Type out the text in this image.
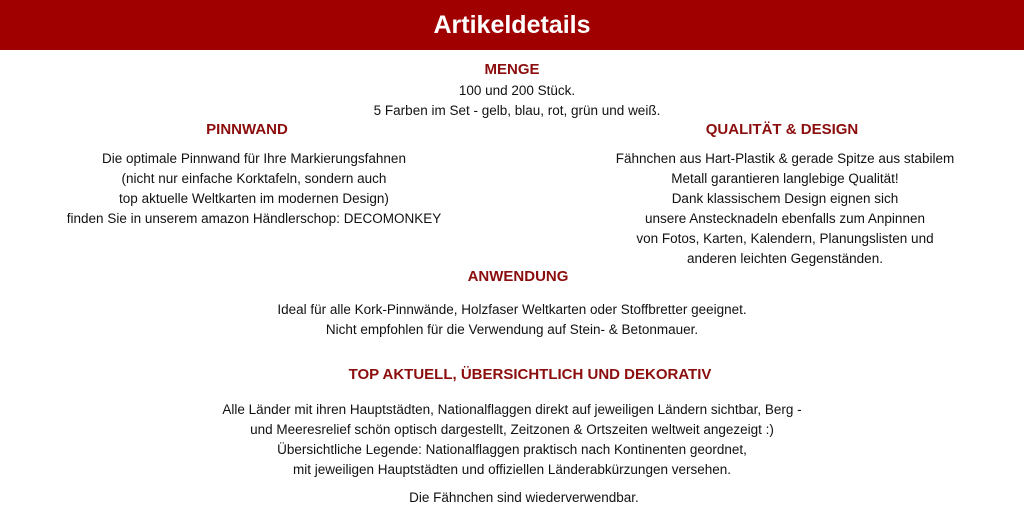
Artikeldetails
MENGE
100 und 200 Stück.
5 Farben im Set - gelb, blau, rot, grün und weiß.
PINNWAND
Die optimale Pinnwand für Ihre Markierungsfahnen
(nicht nur einfache Korktafeln, sondern auch
top aktuelle Weltkarten im modernen Design)
finden Sie in unserem amazon Händlerschop: DECOMONKEY
QUALITÄT & DESIGN
Fähnchen aus Hart-Plastik & gerade Spitze aus stabilem
Metall garantieren langlebige Qualität!
Dank klassischem Design eignen sich
unsere Anstecknadeln ebenfalls zum Anpinnen
von Fotos, Karten, Kalendern, Planungslisten und
anderen leichten Gegenständen.
ANWENDUNG
Ideal für alle Kork-Pinnwände, Holzfaser Weltkarten oder Stoffbretter geeignet.
Nicht empfohlen für die Verwendung auf Stein- & Betonmauer.
TOP AKTUELL, ÜBERSICHTLICH UND DEKORATIV
Alle Länder mit ihren Hauptstädten, Nationalflaggen direkt auf jeweiligen Ländern sichtbar, Berg -
und Meeresrelief schön optisch dargestellt, Zeitzonen & Ortszeiten weltweit angezeigt :)
Übersichtliche Legende: Nationalflaggen praktisch nach Kontinenten geordnet,
mit jeweiligen Hauptstädten und offiziellen Länderabkürzungen versehen.
Die Fähnchen sind wiederverwendbar.
